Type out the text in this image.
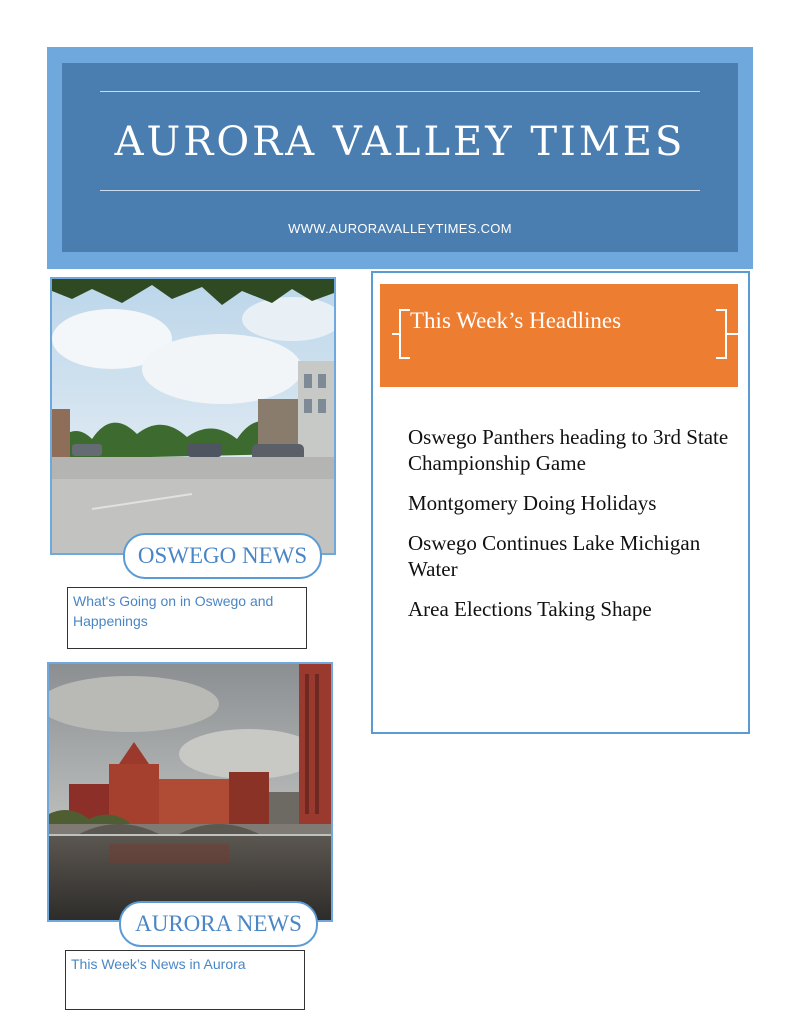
AURORA VALLEY TIMES
WWW.AURORAVALLEYTIMES.COM
OSWEGO NEWS
What's Going on in Oswego and Happenings
AURORA NEWS
This Week’s News in Aurora
This Week’s Headlines
Oswego Panthers heading to 3rd State Championship Game
Montgomery Doing Holidays
Oswego Continues Lake Michigan Water
Area Elections Taking Shape
